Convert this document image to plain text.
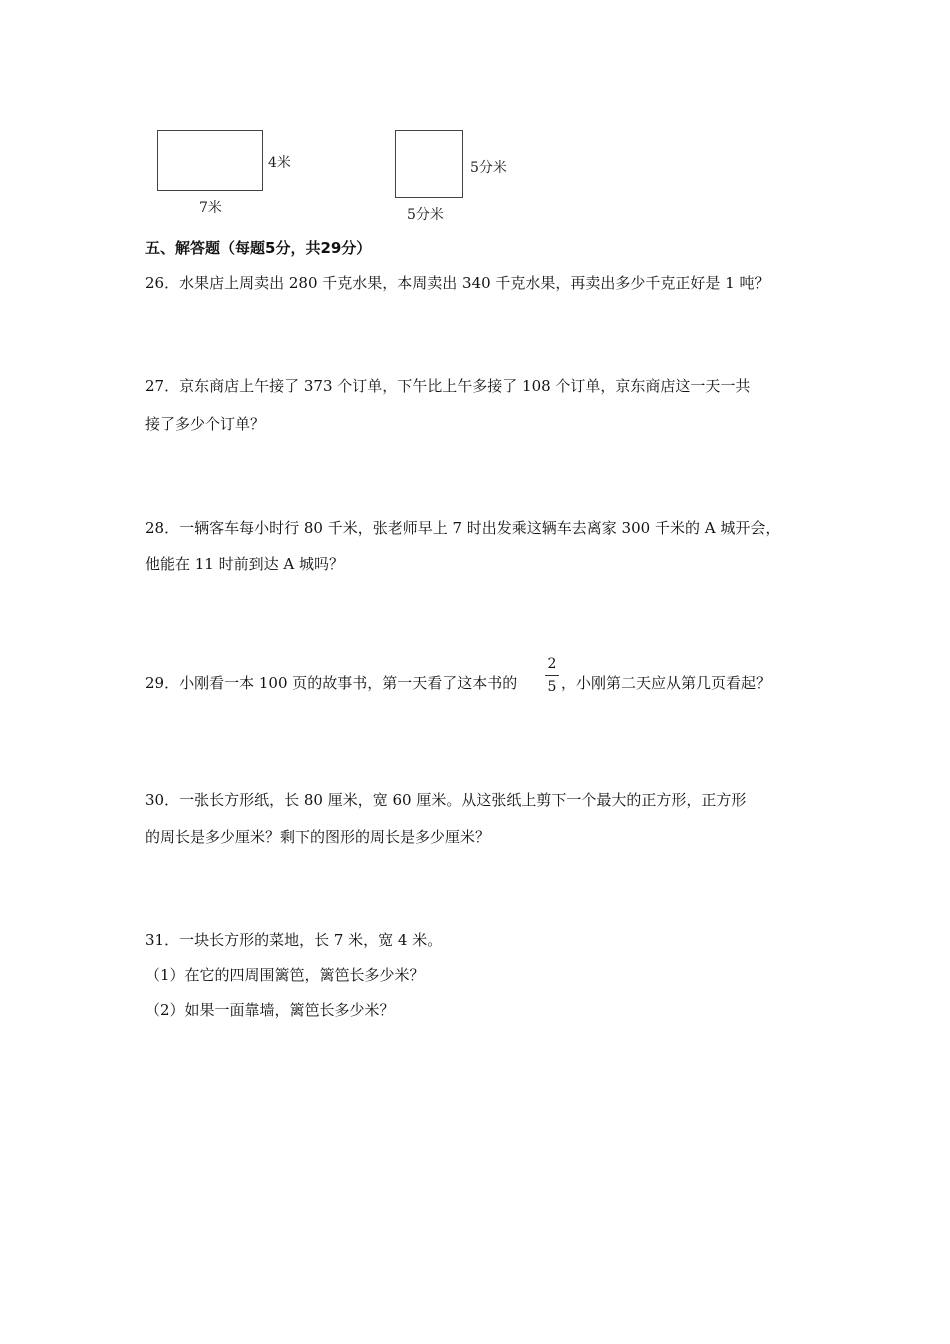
4米
7米
5分米
5分米
五、解答题（每题5分，共29分）
26．水果店上周卖出 280 千克水果，本周卖出 340 千克水果，再卖出多少千克正好是 1 吨？
27．京东商店上午接了 373 个订单，下午比上午多接了 108 个订单，京东商店这一天一共
接了多少个订单？
28．一辆客车每小时行 80 千米，张老师早上 7 时出发乘这辆车去离家 300 千米的 A 城开会，
他能在 11 时前到达 A 城吗？
29．小刚看一本 100 页的故事书，第一天看了这本书的
2
5 ，小刚第二天应从第几页看起？
30．一张长方形纸，长 80 厘米，宽 60 厘米。从这张纸上剪下一个最大的正方形，正方形
的周长是多少厘米？剩下的图形的周长是多少厘米？
31．一块长方形的菜地，长 7 米，宽 4 米。
（1）在它的四周围篱笆，篱笆长多少米？
（2）如果一面靠墙，篱笆长多少米？
